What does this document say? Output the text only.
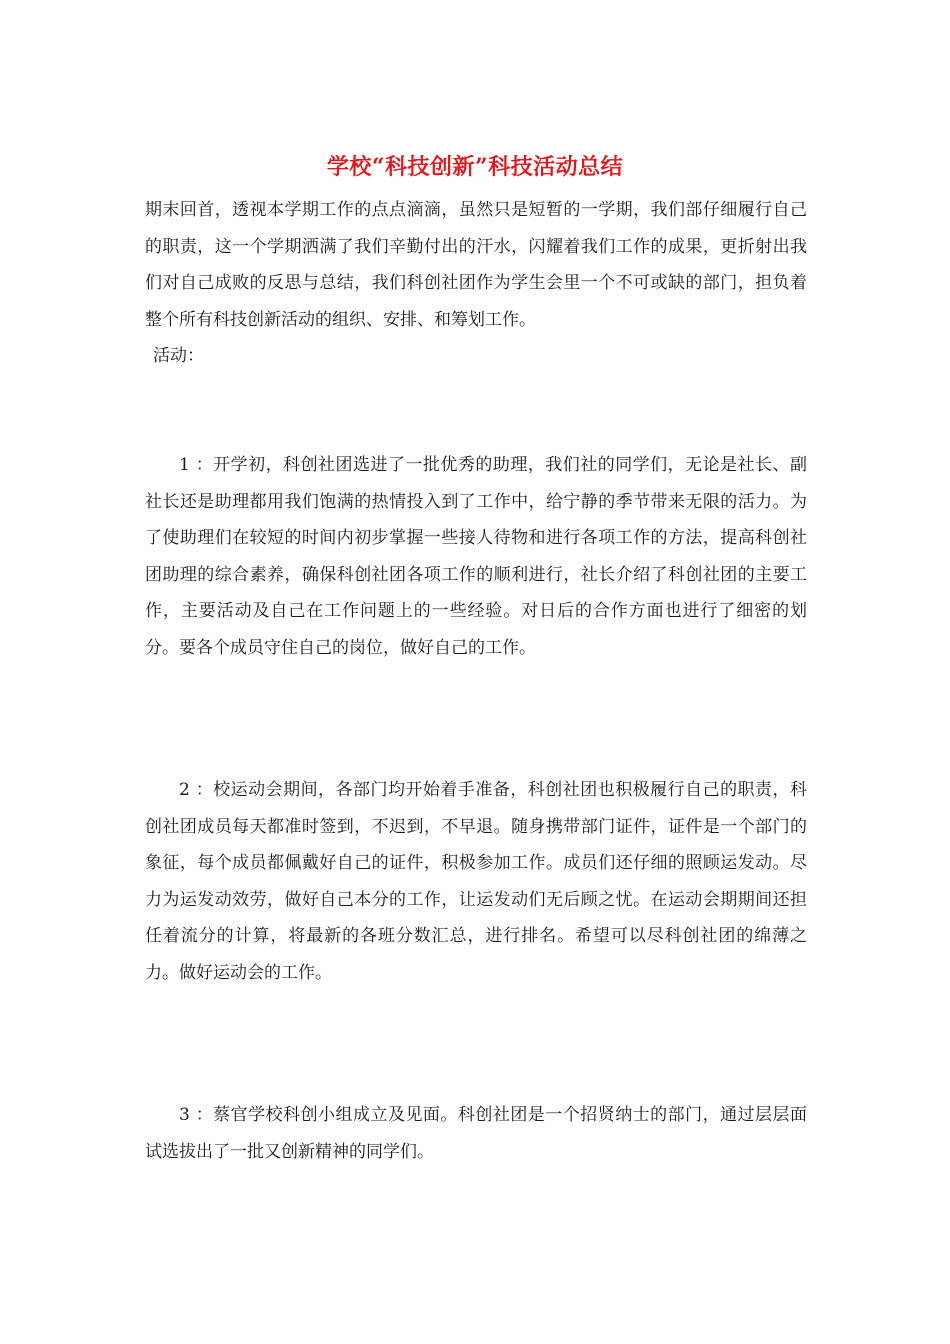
学校“科技创新”科技活动总结

期末回首，透视本学期工作的点点滴滴，虽然只是短暂的一学期，我们部仔细履行自己的职责，这一个学期洒满了我们辛勤付出的汗水，闪耀着我们工作的成果，更折射出我们对自己成败的反思与总结，我们科创社团作为学生会里一个不可或缺的部门，担负着整个所有科技创新活动的组织、安排、和筹划工作。

活动：

1 ：开学初，科创社团选进了一批优秀的助理，我们社的同学们，无论是社长、副社长还是助理都用我们饱满的热情投入到了工作中，给宁静的季节带来无限的活力。为了使助理们在较短的时间内初步掌握一些接人待物和进行各项工作的方法，提高科创社团助理的综合素养，确保科创社团各项工作的顺利进行，社长介绍了科创社团的主要工作，主要活动及自己在工作问题上的一些经验。对日后的合作方面也进行了细密的划分。要各个成员守住自己的岗位，做好自己的工作。

2 ：校运动会期间，各部门均开始着手准备，科创社团也积极履行自己的职责，科创社团成员每天都准时签到，不迟到，不早退。随身携带部门证件，证件是一个部门的象征，每个成员都佩戴好自己的证件，积极参加工作。成员们还仔细的照顾运发动。尽力为运发动效劳，做好自己本分的工作，让运发动们无后顾之忧。在运动会期期间还担任着流分的计算，将最新的各班分数汇总，进行排名。希望可以尽科创社团的绵薄之力。做好运动会的工作。

3 ：蔡官学校科创小组成立及见面。科创社团是一个招贤纳士的部门，通过层层面试选拔出了一批又创新精神的同学们。
